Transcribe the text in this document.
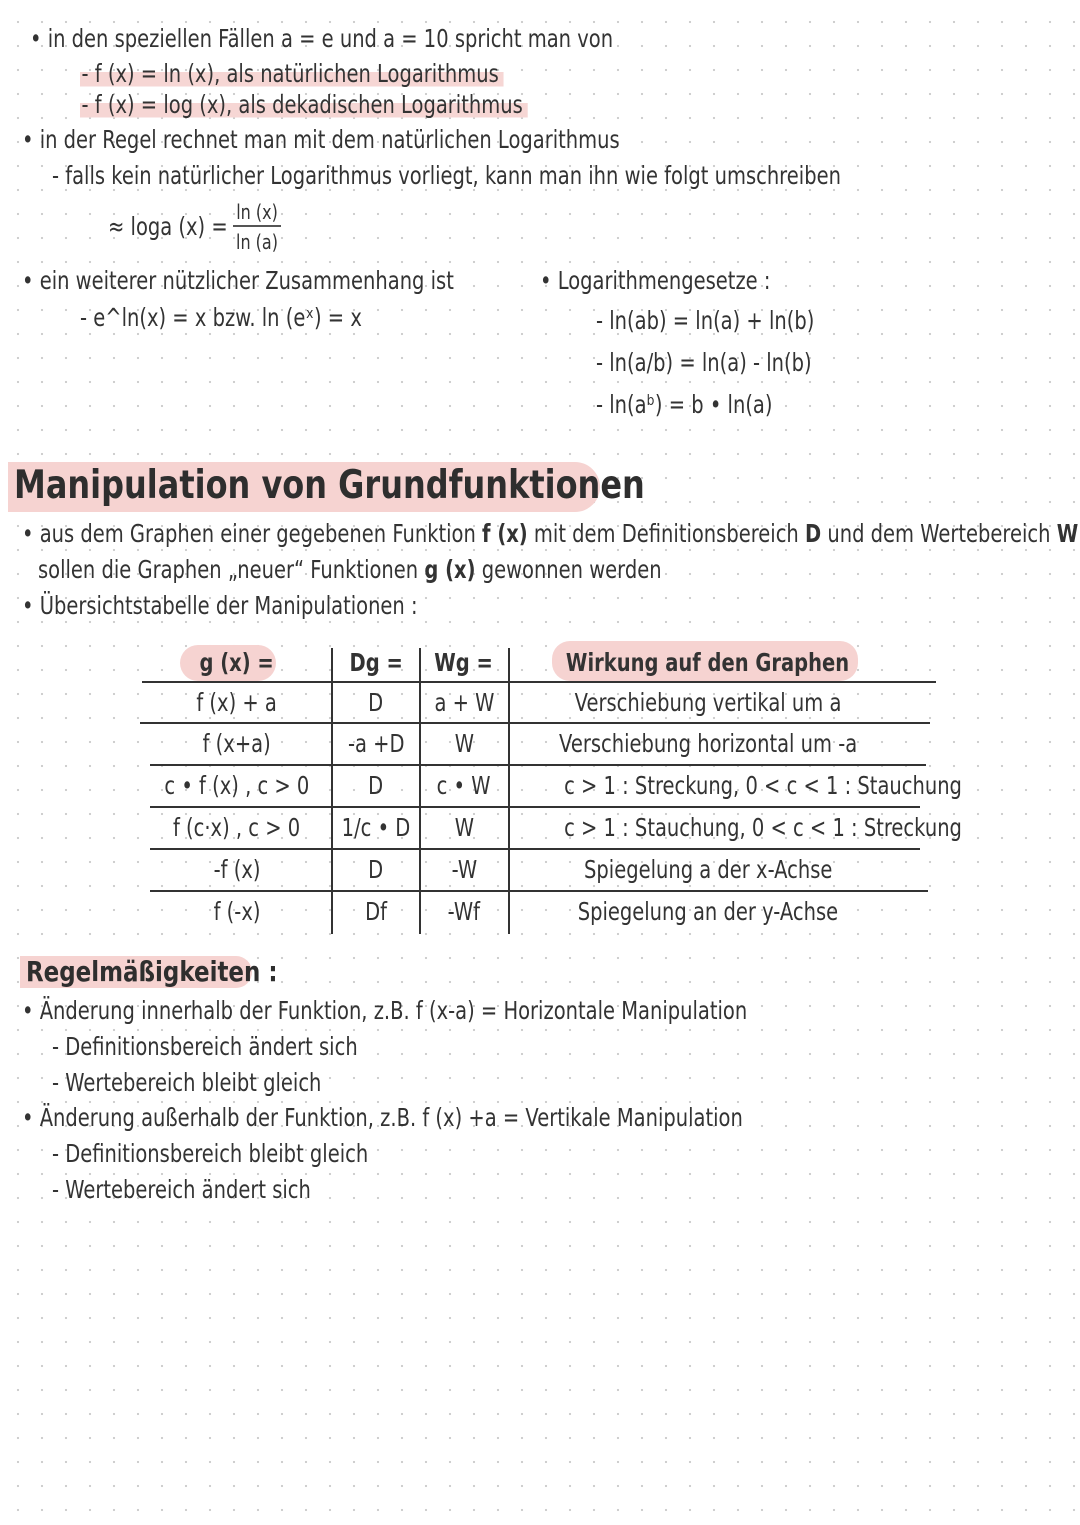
• in den speziellen Fällen a = e und a = 10 spricht man von
- f (x) = ln (x), als natürlichen Logarithmus
- f (x) = log (x), als dekadischen Logarithmus
• in der Regel rechnet man mit dem natürlichen Logarithmus
- falls kein natürlicher Logarithmus vorliegt, kann man ihn wie folgt umschreiben
≈ loga (x) = ln (x)
ln (a)
• ein weiterer nützlicher Zusammenhang ist
- e^ln(x) = x bzw. ln (eˣ) = x
• Logarithmengesetze :
- ln(ab) = ln(a) + ln(b)
- ln(a/b) = ln(a) - ln(b)
- ln(aᵇ) = b • ln(a)
Manipulation von Grundfunktionen
• aus dem Graphen einer gegebenen Funktion f (x) mit dem Definitionsbereich D und dem Wertebereich W
sollen die Graphen „neuer“ Funktionen g (x) gewonnen werden
• Übersichtstabelle der Manipulationen :
g (x) =	Dg =	Wg =	Wirkung auf den Graphen
f (x) + a	D	a + W	Verschiebung vertikal um a
f (x+a)	-a +D	W	Verschiebung horizontal um -a
c • f (x) , c > 0	D	c • W	c > 1 : Streckung, 0 < c < 1 : Stauchung
f (c·x) , c > 0	1/c • D	W	c > 1 : Stauchung, 0 < c < 1 : Streckung
-f (x)	D	-W	Spiegelung a der x-Achse
f (-x)	Df	-Wf	Spiegelung an der y-Achse
Regelmäßigkeiten :
• Änderung innerhalb der Funktion, z.B. f (x-a) = Horizontale Manipulation
- Definitionsbereich ändert sich
- Wertebereich bleibt gleich
• Änderung außerhalb der Funktion, z.B. f (x) +a = Vertikale Manipulation
- Definitionsbereich bleibt gleich
- Wertebereich ändert sich
